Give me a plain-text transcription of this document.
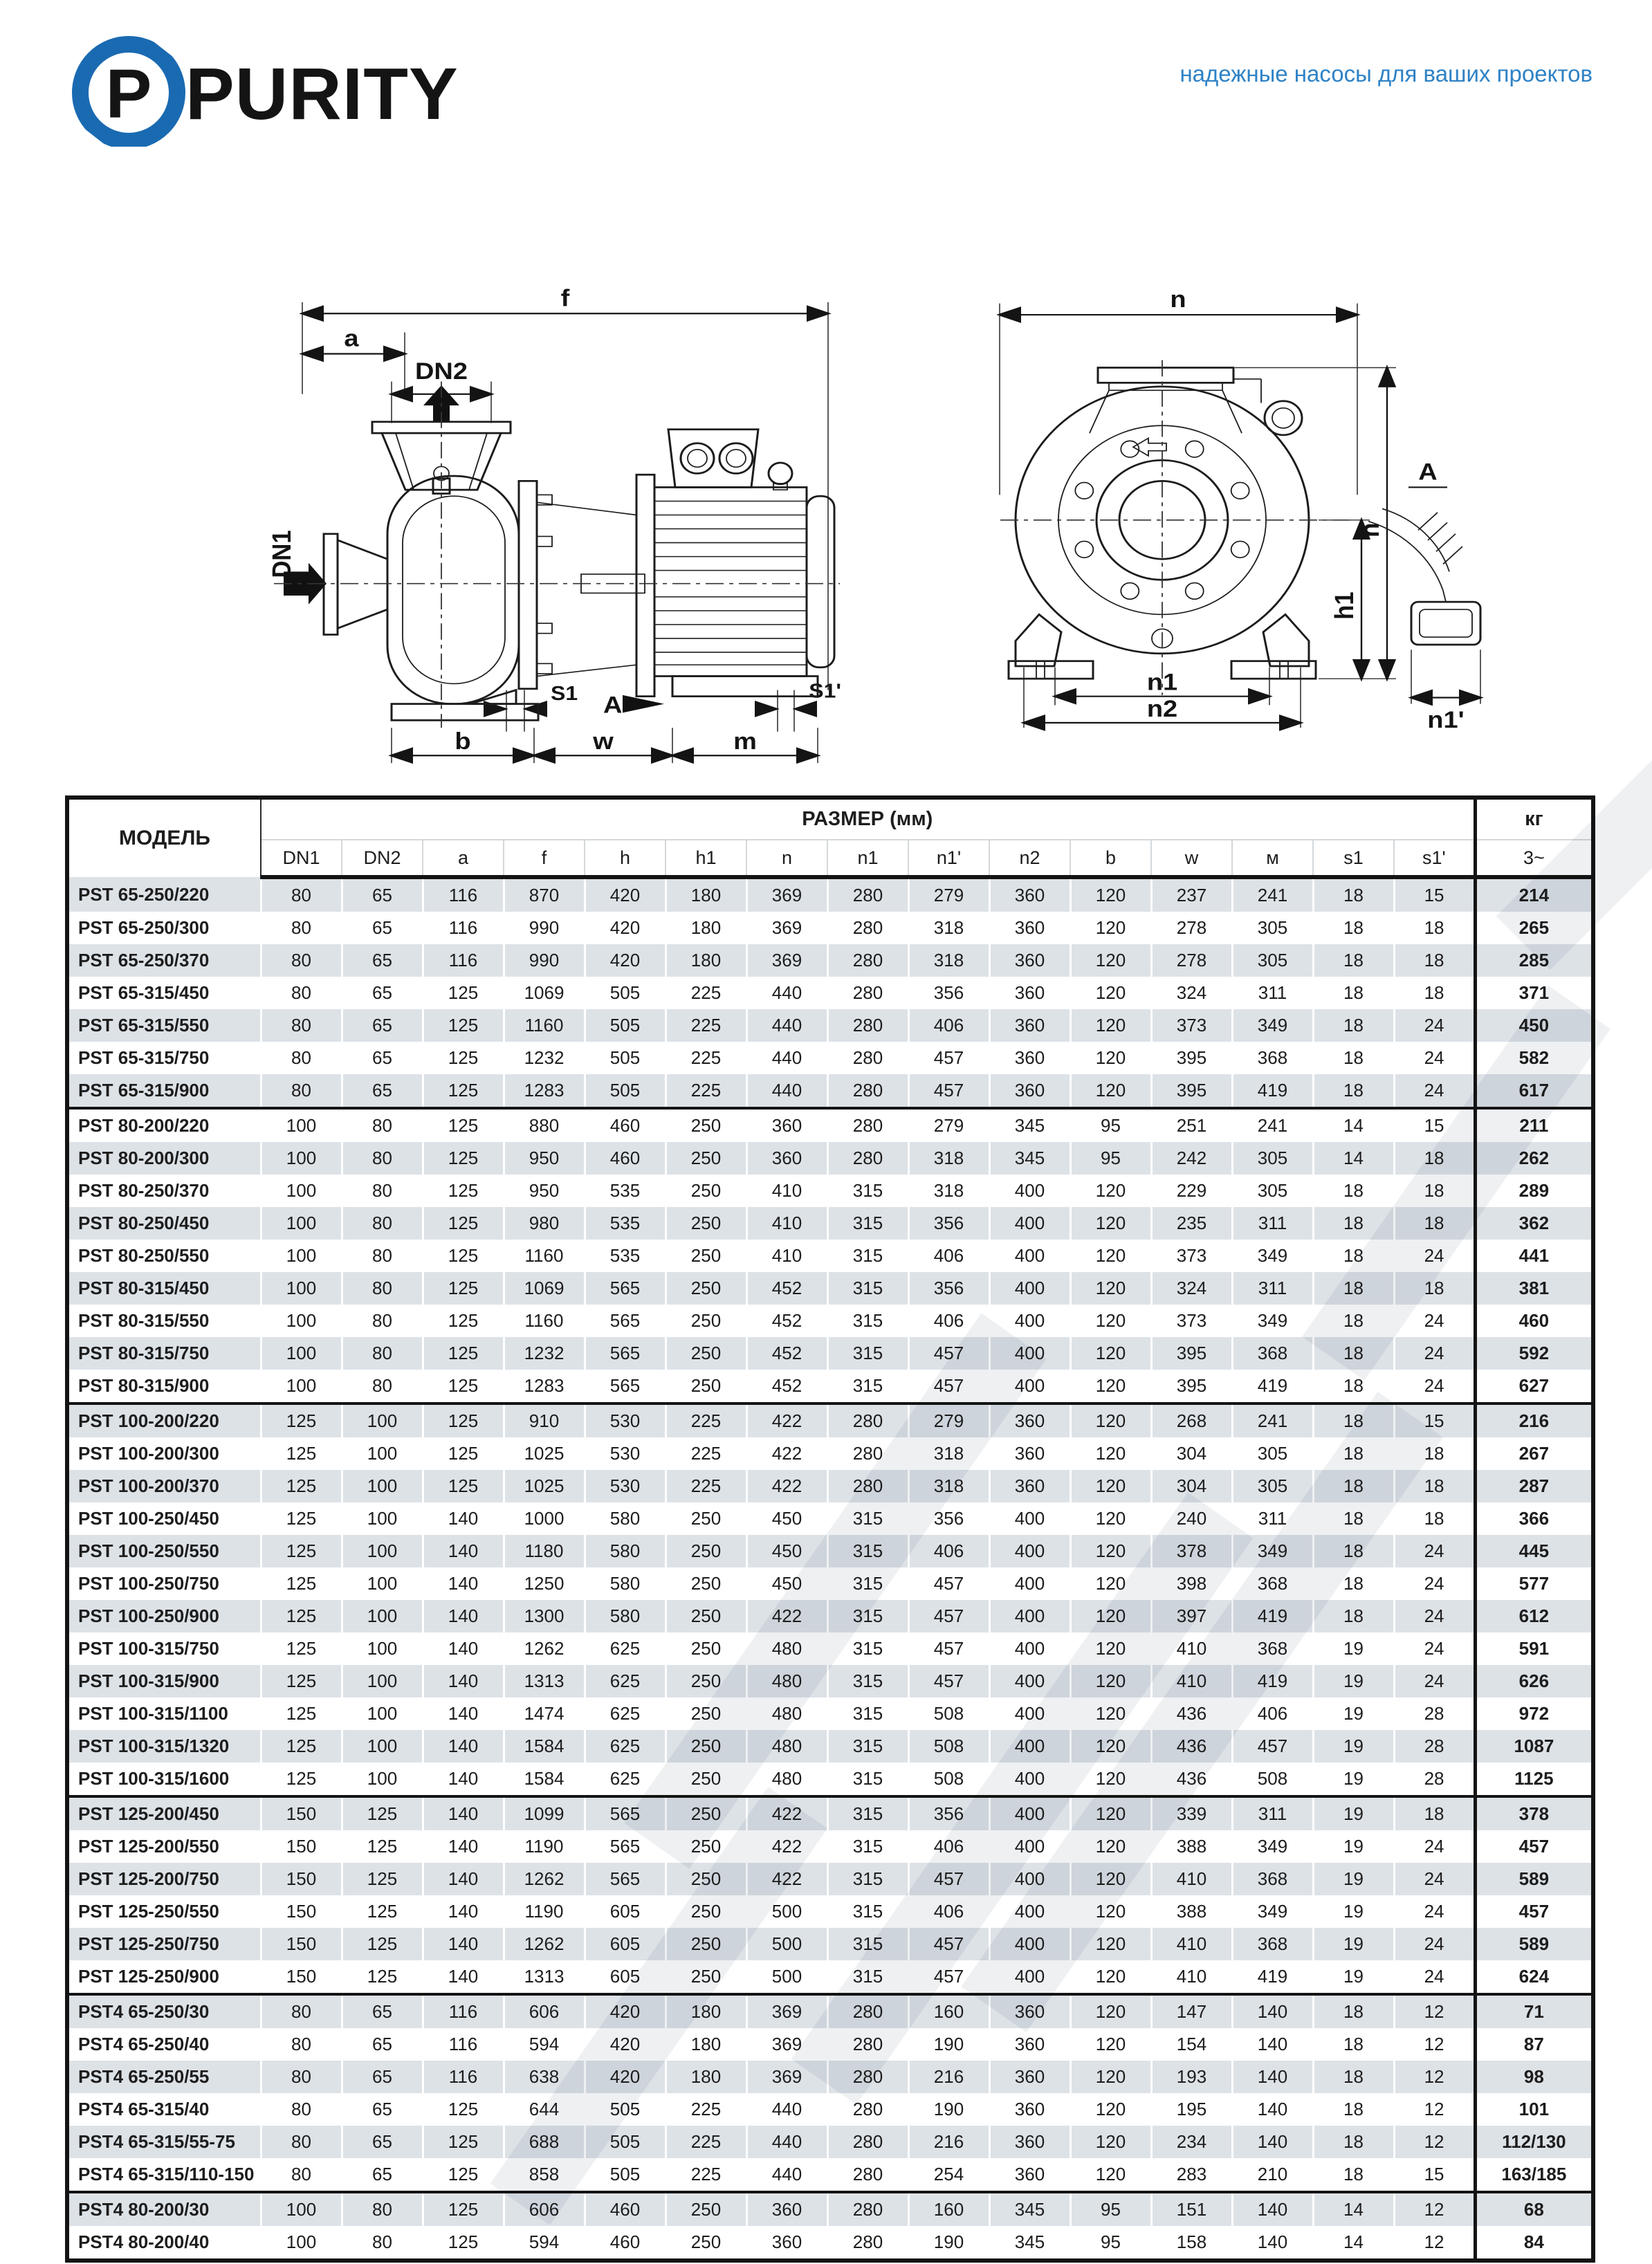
P PURITY	надежные насосы для ваших проектов
f
a
DN2
DN1
S1 A	S1'
b	w	m
n
h
h1
n1
n2
A
n1'
МОДЕЛЬ	РАЗМЕР (мм)															кг
	DN1	DN2	a	f	h	h1	n	n1	n1'	n2	b	w	м	s1	s1'	3~
PST 65-250/220	80	65	116	870	420	180	369	280	279	360	120	237	241	18	15	214
PST 65-250/300	80	65	116	990	420	180	369	280	318	360	120	278	305	18	18	265
PST 65-250/370	80	65	116	990	420	180	369	280	318	360	120	278	305	18	18	285
PST 65-315/450	80	65	125	1069	505	225	440	280	356	360	120	324	311	18	18	371
PST 65-315/550	80	65	125	1160	505	225	440	280	406	360	120	373	349	18	24	450
PST 65-315/750	80	65	125	1232	505	225	440	280	457	360	120	395	368	18	24	582
PST 65-315/900	80	65	125	1283	505	225	440	280	457	360	120	395	419	18	24	617
PST 80-200/220	100	80	125	880	460	250	360	280	279	345	95	251	241	14	15	211
PST 80-200/300	100	80	125	950	460	250	360	280	318	345	95	242	305	14	18	262
PST 80-250/370	100	80	125	950	535	250	410	315	318	400	120	229	305	18	18	289
PST 80-250/450	100	80	125	980	535	250	410	315	356	400	120	235	311	18	18	362
PST 80-250/550	100	80	125	1160	535	250	410	315	406	400	120	373	349	18	24	441
PST 80-315/450	100	80	125	1069	565	250	452	315	356	400	120	324	311	18	18	381
PST 80-315/550	100	80	125	1160	565	250	452	315	406	400	120	373	349	18	24	460
PST 80-315/750	100	80	125	1232	565	250	452	315	457	400	120	395	368	18	24	592
PST 80-315/900	100	80	125	1283	565	250	452	315	457	400	120	395	419	18	24	627
PST 100-200/220	125	100	125	910	530	225	422	280	279	360	120	268	241	18	15	216
PST 100-200/300	125	100	125	1025	530	225	422	280	318	360	120	304	305	18	18	267
PST 100-200/370	125	100	125	1025	530	225	422	280	318	360	120	304	305	18	18	287
PST 100-250/450	125	100	140	1000	580	250	450	315	356	400	120	240	311	18	18	366
PST 100-250/550	125	100	140	1180	580	250	450	315	406	400	120	378	349	18	24	445
PST 100-250/750	125	100	140	1250	580	250	450	315	457	400	120	398	368	18	24	577
PST 100-250/900	125	100	140	1300	580	250	422	315	457	400	120	397	419	18	24	612
PST 100-315/750	125	100	140	1262	625	250	480	315	457	400	120	410	368	19	24	591
PST 100-315/900	125	100	140	1313	625	250	480	315	457	400	120	410	419	19	24	626
PST 100-315/1100	125	100	140	1474	625	250	480	315	508	400	120	436	406	19	28	972
PST 100-315/1320	125	100	140	1584	625	250	480	315	508	400	120	436	457	19	28	1087
PST 100-315/1600	125	100	140	1584	625	250	480	315	508	400	120	436	508	19	28	1125
PST 125-200/450	150	125	140	1099	565	250	422	315	356	400	120	339	311	19	18	378
PST 125-200/550	150	125	140	1190	565	250	422	315	406	400	120	388	349	19	24	457
PST 125-200/750	150	125	140	1262	565	250	422	315	457	400	120	410	368	19	24	589
PST 125-250/550	150	125	140	1190	605	250	500	315	406	400	120	388	349	19	24	457
PST 125-250/750	150	125	140	1262	605	250	500	315	457	400	120	410	368	19	24	589
PST 125-250/900	150	125	140	1313	605	250	500	315	457	400	120	410	419	19	24	624
PST4 65-250/30	80	65	116	606	420	180	369	280	160	360	120	147	140	18	12	71
PST4 65-250/40	80	65	116	594	420	180	369	280	190	360	120	154	140	18	12	87
PST4 65-250/55	80	65	116	638	420	180	369	280	216	360	120	193	140	18	12	98
PST4 65-315/40	80	65	125	644	505	225	440	280	190	360	120	195	140	18	12	101
PST4 65-315/55-75	80	65	125	688	505	225	440	280	216	360	120	234	140	18	12	112/130
PST4 65-315/110-150	80	65	125	858	505	225	440	280	254	360	120	283	210	18	15	163/185
PST4 80-200/30	100	80	125	606	460	250	360	280	160	345	95	151	140	14	12	68
PST4 80-200/40	100	80	125	594	460	250	360	280	190	345	95	158	140	14	12	84
